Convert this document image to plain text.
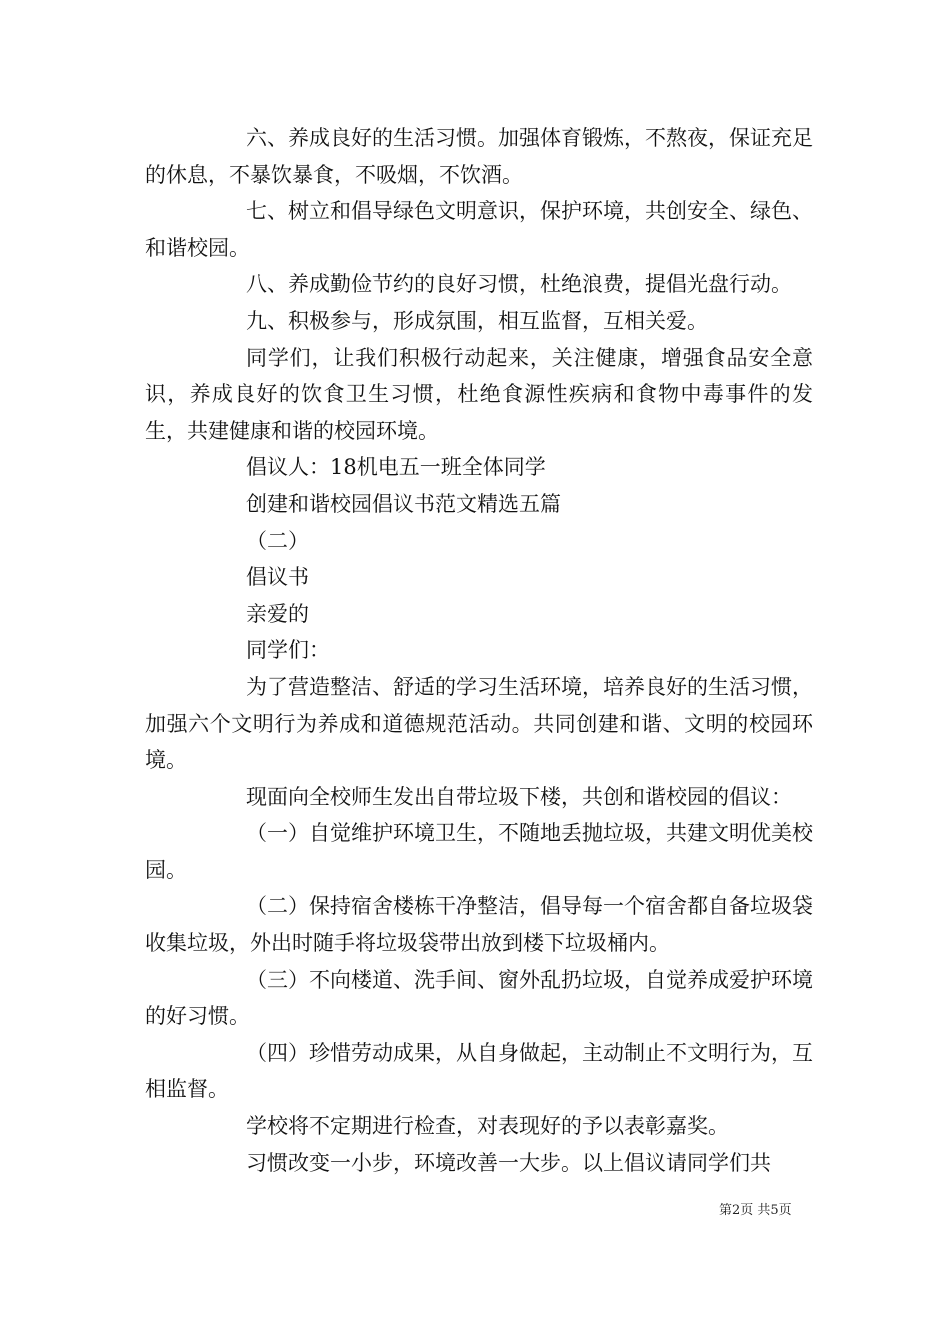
六、养成良好的生活习惯。加强体育锻炼，不熬夜，保证充足的休息，不暴饮暴食，不吸烟，不饮酒。

七、树立和倡导绿色文明意识，保护环境，共创安全、绿色、和谐校园。

八、养成勤俭节约的良好习惯，杜绝浪费，提倡光盘行动。

九、积极参与，形成氛围，相互监督，互相关爱。

同学们，让我们积极行动起来，关注健康，增强食品安全意识，养成良好的饮食卫生习惯，杜绝食源性疾病和食物中毒事件的发生，共建健康和谐的校园环境。

倡议人：18机电五一班全体同学

创建和谐校园倡议书范文精选五篇

（二）

倡议书

亲爱的

同学们：

为了营造整洁、舒适的学习生活环境，培养良好的生活习惯，加强六个文明行为养成和道德规范活动。共同创建和谐、文明的校园环境。

现面向全校师生发出自带垃圾下楼，共创和谐校园的倡议：

（一）自觉维护环境卫生，不随地丢抛垃圾，共建文明优美校园。

（二）保持宿舍楼栋干净整洁，倡导每一个宿舍都自备垃圾袋收集垃圾，外出时随手将垃圾袋带出放到楼下垃圾桶内。

（三）不向楼道、洗手间、窗外乱扔垃圾，自觉养成爱护环境的好习惯。

（四）珍惜劳动成果，从自身做起，主动制止不文明行为，互相监督。

学校将不定期进行检查，对表现好的予以表彰嘉奖。

习惯改变一小步，环境改善一大步。以上倡议请同学们共

第2页 共5页
